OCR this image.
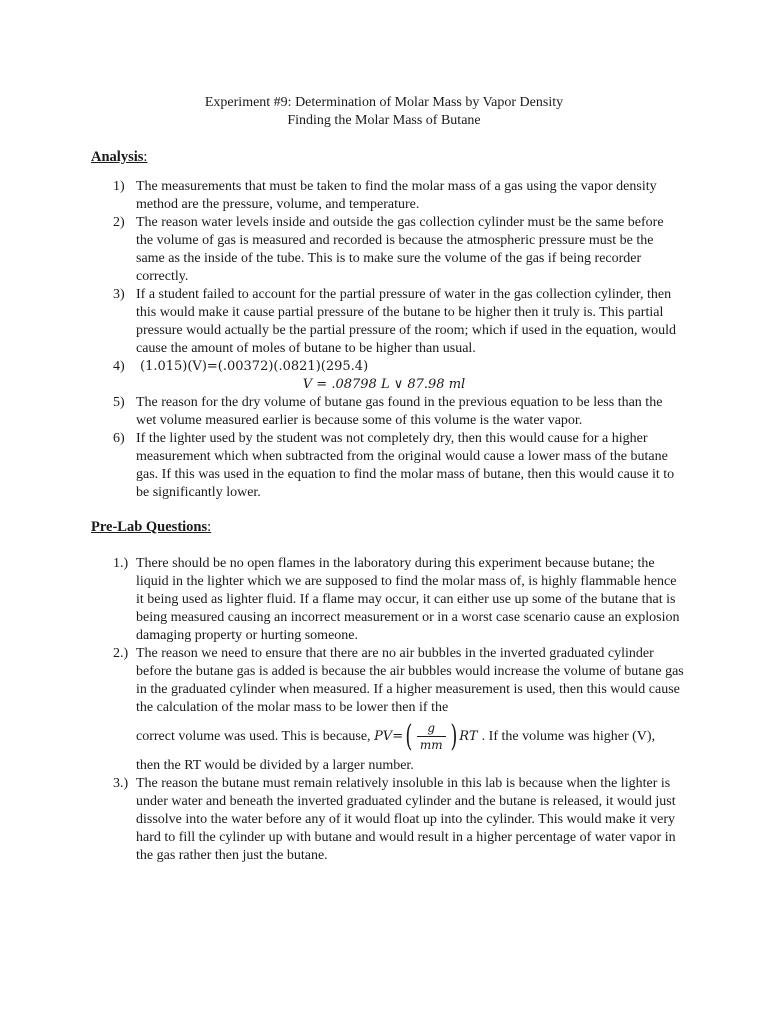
Experiment #9: Determination of Molar Mass by Vapor Density
Finding the Molar Mass of Butane
Analysis:
1) The measurements that must be taken to find the molar mass of a gas using the vapor density method are the pressure, volume, and temperature.
2) The reason water levels inside and outside the gas collection cylinder must be the same before the volume of gas is measured and recorded is because the atmospheric pressure must be the same as the inside of the tube. This is to make sure the volume of the gas if being recorder correctly.
3) If a student failed to account for the partial pressure of water in the gas collection cylinder, then this would make it cause partial pressure of the butane to be higher then it truly is. This partial pressure would actually be the partial pressure of the room; which if used in the equation, would cause the amount of moles of butane to be higher than usual.
4)	(1.015)(V)=(.00372)(.0821)(295.4)
V = .08798 L ∨ 87.98 ml
5) The reason for the dry volume of butane gas found in the previous equation to be less than the wet volume measured earlier is because some of this volume is the water vapor.
6) If the lighter used by the student was not completely dry, then this would cause for a higher measurement which when subtracted from the original would cause a lower mass of the butane gas. If this was used in the equation to find the molar mass of butane, then this would cause it to be significantly lower.
Pre-Lab Questions:
1.) There should be no open flames in the laboratory during this experiment because butane; the liquid in the lighter which we are supposed to find the molar mass of, is highly flammable hence it being used as lighter fluid. If a flame may occur, it can either use up some of the butane that is being measured causing an incorrect measurement or in a worst case scenario cause an explosion damaging property or hurting someone.
2.) The reason we need to ensure that there are no air bubbles in the inverted graduated cylinder before the butane gas is added is because the air bubbles would increase the volume of butane gas in the graduated cylinder when measured. If a higher measurement is used, then this would cause the calculation of the molar mass to be lower then if the
correct volume was used. This is because, $PV=( \frac{g}{mm}$ ) RT . If the volume was higher (V),
then the RT would be divided by a larger number.
3.) The reason the butane must remain relatively insoluble in this lab is because when the lighter is under water and beneath the inverted graduated cylinder and the butane is released, it would just dissolve into the water before any of it would float up into the cylinder. This would make it very hard to fill the cylinder up with butane and would result in a higher percentage of water vapor in the gas rather then just the butane.
